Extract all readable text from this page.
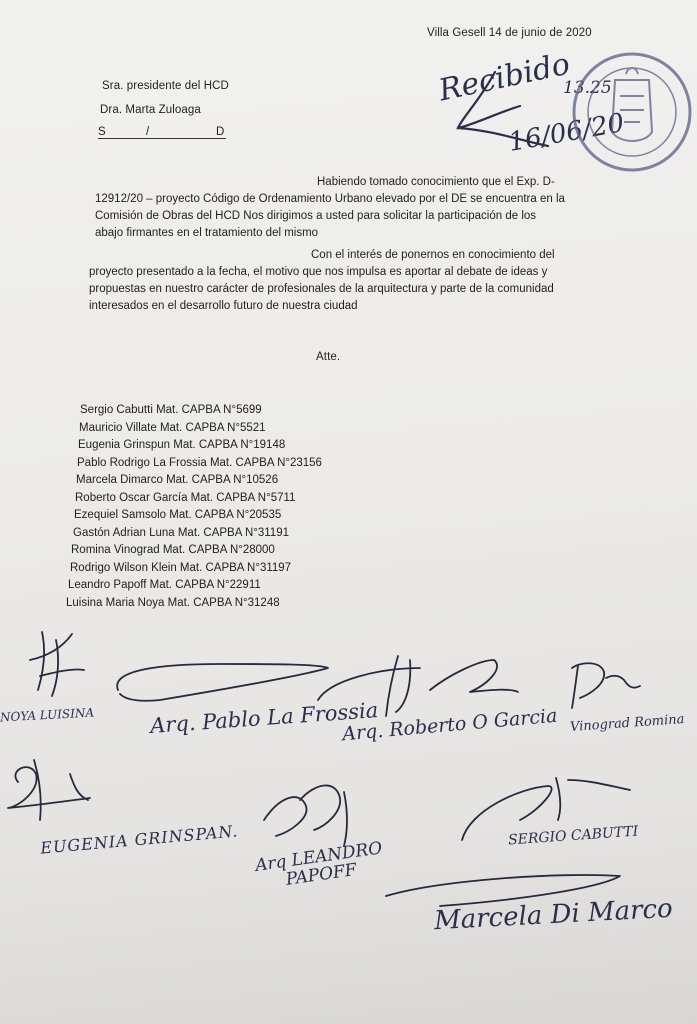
Villa Gesell 14 de junio de 2020
Sra. presidente del HCD
Dra. Marta Zuloaga
S	/	D
Habiendo tomado conocimiento que el Exp. D-12912/20 – proyecto Código de Ordenamiento Urbano elevado por el DE se encuentra en la Comisión de Obras del HCD Nos dirigimos a usted para solicitar la participación de los abajo firmantes en el tratamiento del mismo
Con el interés de ponernos en conocimiento del proyecto presentado a la fecha, el motivo que nos impulsa es aportar al debate de ideas y propuestas en nuestro carácter de profesionales de la arquitectura y parte de la comunidad interesados en el desarrollo futuro de nuestra ciudad
Atte.
Sergio Cabutti Mat. CAPBA N°5699
Mauricio Villate Mat. CAPBA N°5521
Eugenia Grinspun Mat. CAPBA N°19148
Pablo Rodrigo La Frossia Mat. CAPBA N°23156
Marcela Dimarco Mat. CAPBA N°10526
Roberto Oscar García Mat. CAPBA N°5711
Ezequiel Samsolo Mat. CAPBA N°20535
Gastón Adrian Luna Mat. CAPBA N°31191
Romina Vinograd Mat. CAPBA N°28000
Rodrigo Wilson Klein Mat. CAPBA N°31197
Leandro Papoff Mat. CAPBA N°22911
Luisina Maria Noya Mat. CAPBA N°31248
Recibido
13.25
16/06/20
NOYA LUISINA	Arq. Pablo La Frossia
Arq. Roberto O Garcia Vinograd Romina
EUGENIA GRINSPAN. Arq LEANDRO PAPOFF
SERGIO CABUTTI
Marcela Di Marco
